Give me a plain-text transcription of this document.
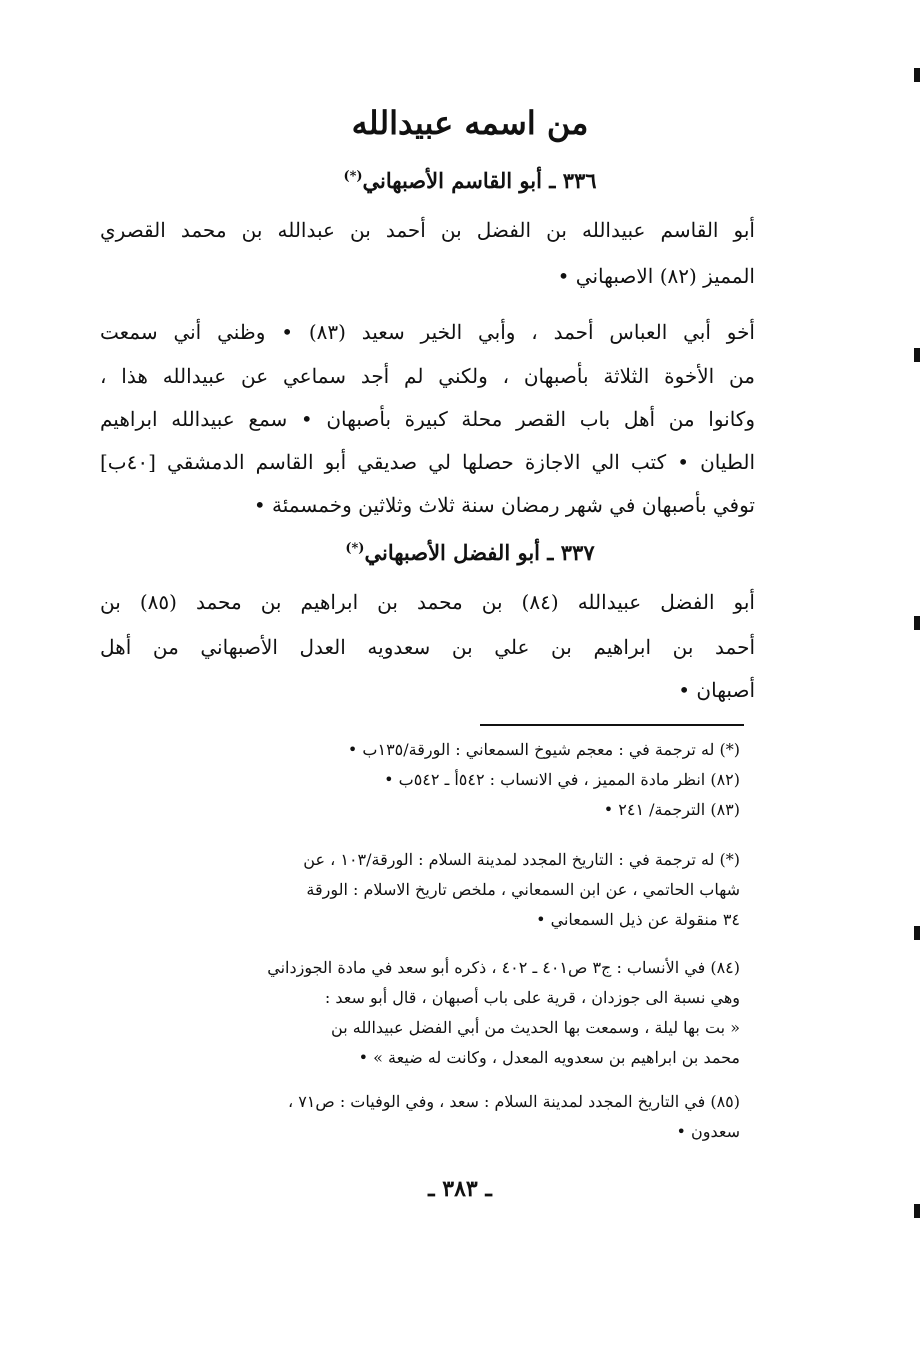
من اسمه عبيدالله
٣٣٦ ـ أبو القاسم الأصبهاني(*)
أبو القاسم عبيدالله بن الفضل بن أحمد بن عبدالله بن محمد القصري
المميز (٨٢) الاصبهاني •
أخو أبي العباس أحمد ، وأبي الخير سعيد (٨٣) • وظني أني سمعت
من الأخوة الثلاثة بأصبهان ، ولكني لم أجد سماعي عن عبيدالله هذا ،
وكانوا من أهل باب القصر محلة كبيرة بأصبهان • سمع عبيدالله ابراهيم
الطيان • كتب الي الاجازة حصلها لي صديقي أبو القاسم الدمشقي [٤٠ب]
توفي بأصبهان في شهر رمضان سنة ثلاث وثلاثين وخمسمئة •
٣٣٧ ـ أبو الفضل الأصبهاني(*)
أبو الفضل عبيدالله (٨٤) بن محمد بن ابراهيم بن محمد (٨٥) بن
أحمد بن ابراهيم بن علي بن سعدويه العدل الأصبهاني من أهل
أصبهان •
(*) له ترجمة في : معجم شيوخ السمعاني : الورقة/١٣٥ب •
(٨٢) انظر مادة المميز ، في الانساب : ٥٤٢أ ـ ٥٤٢ب •
(٨٣) الترجمة/ ٢٤١ •
(*) له ترجمة في : التاريخ المجدد لمدينة السلام : الورقة/١٠٣ ، عن
شهاب الحاتمي ، عن ابن السمعاني ، ملخص تاريخ الاسلام : الورقة
٣٤ منقولة عن ذيل السمعاني •
(٨٤) في الأنساب : ج٣ ص٤٠١ ـ ٤٠٢ ، ذكره أبو سعد في مادة الجوزداني
وهي نسبة الى جوزدان ، قرية على باب أصبهان ، قال أبو سعد :
« بت بها ليلة ، وسمعت بها الحديث من أبي الفضل عبيدالله بن
محمد بن ابراهيم بن سعدويه المعدل ، وكانت له ضيعة » •
(٨٥) في التاريخ المجدد لمدينة السلام : سعد ، وفي الوفيات : ص٧١ ،
سعدون •
ـ ٣٨٣ ـ
